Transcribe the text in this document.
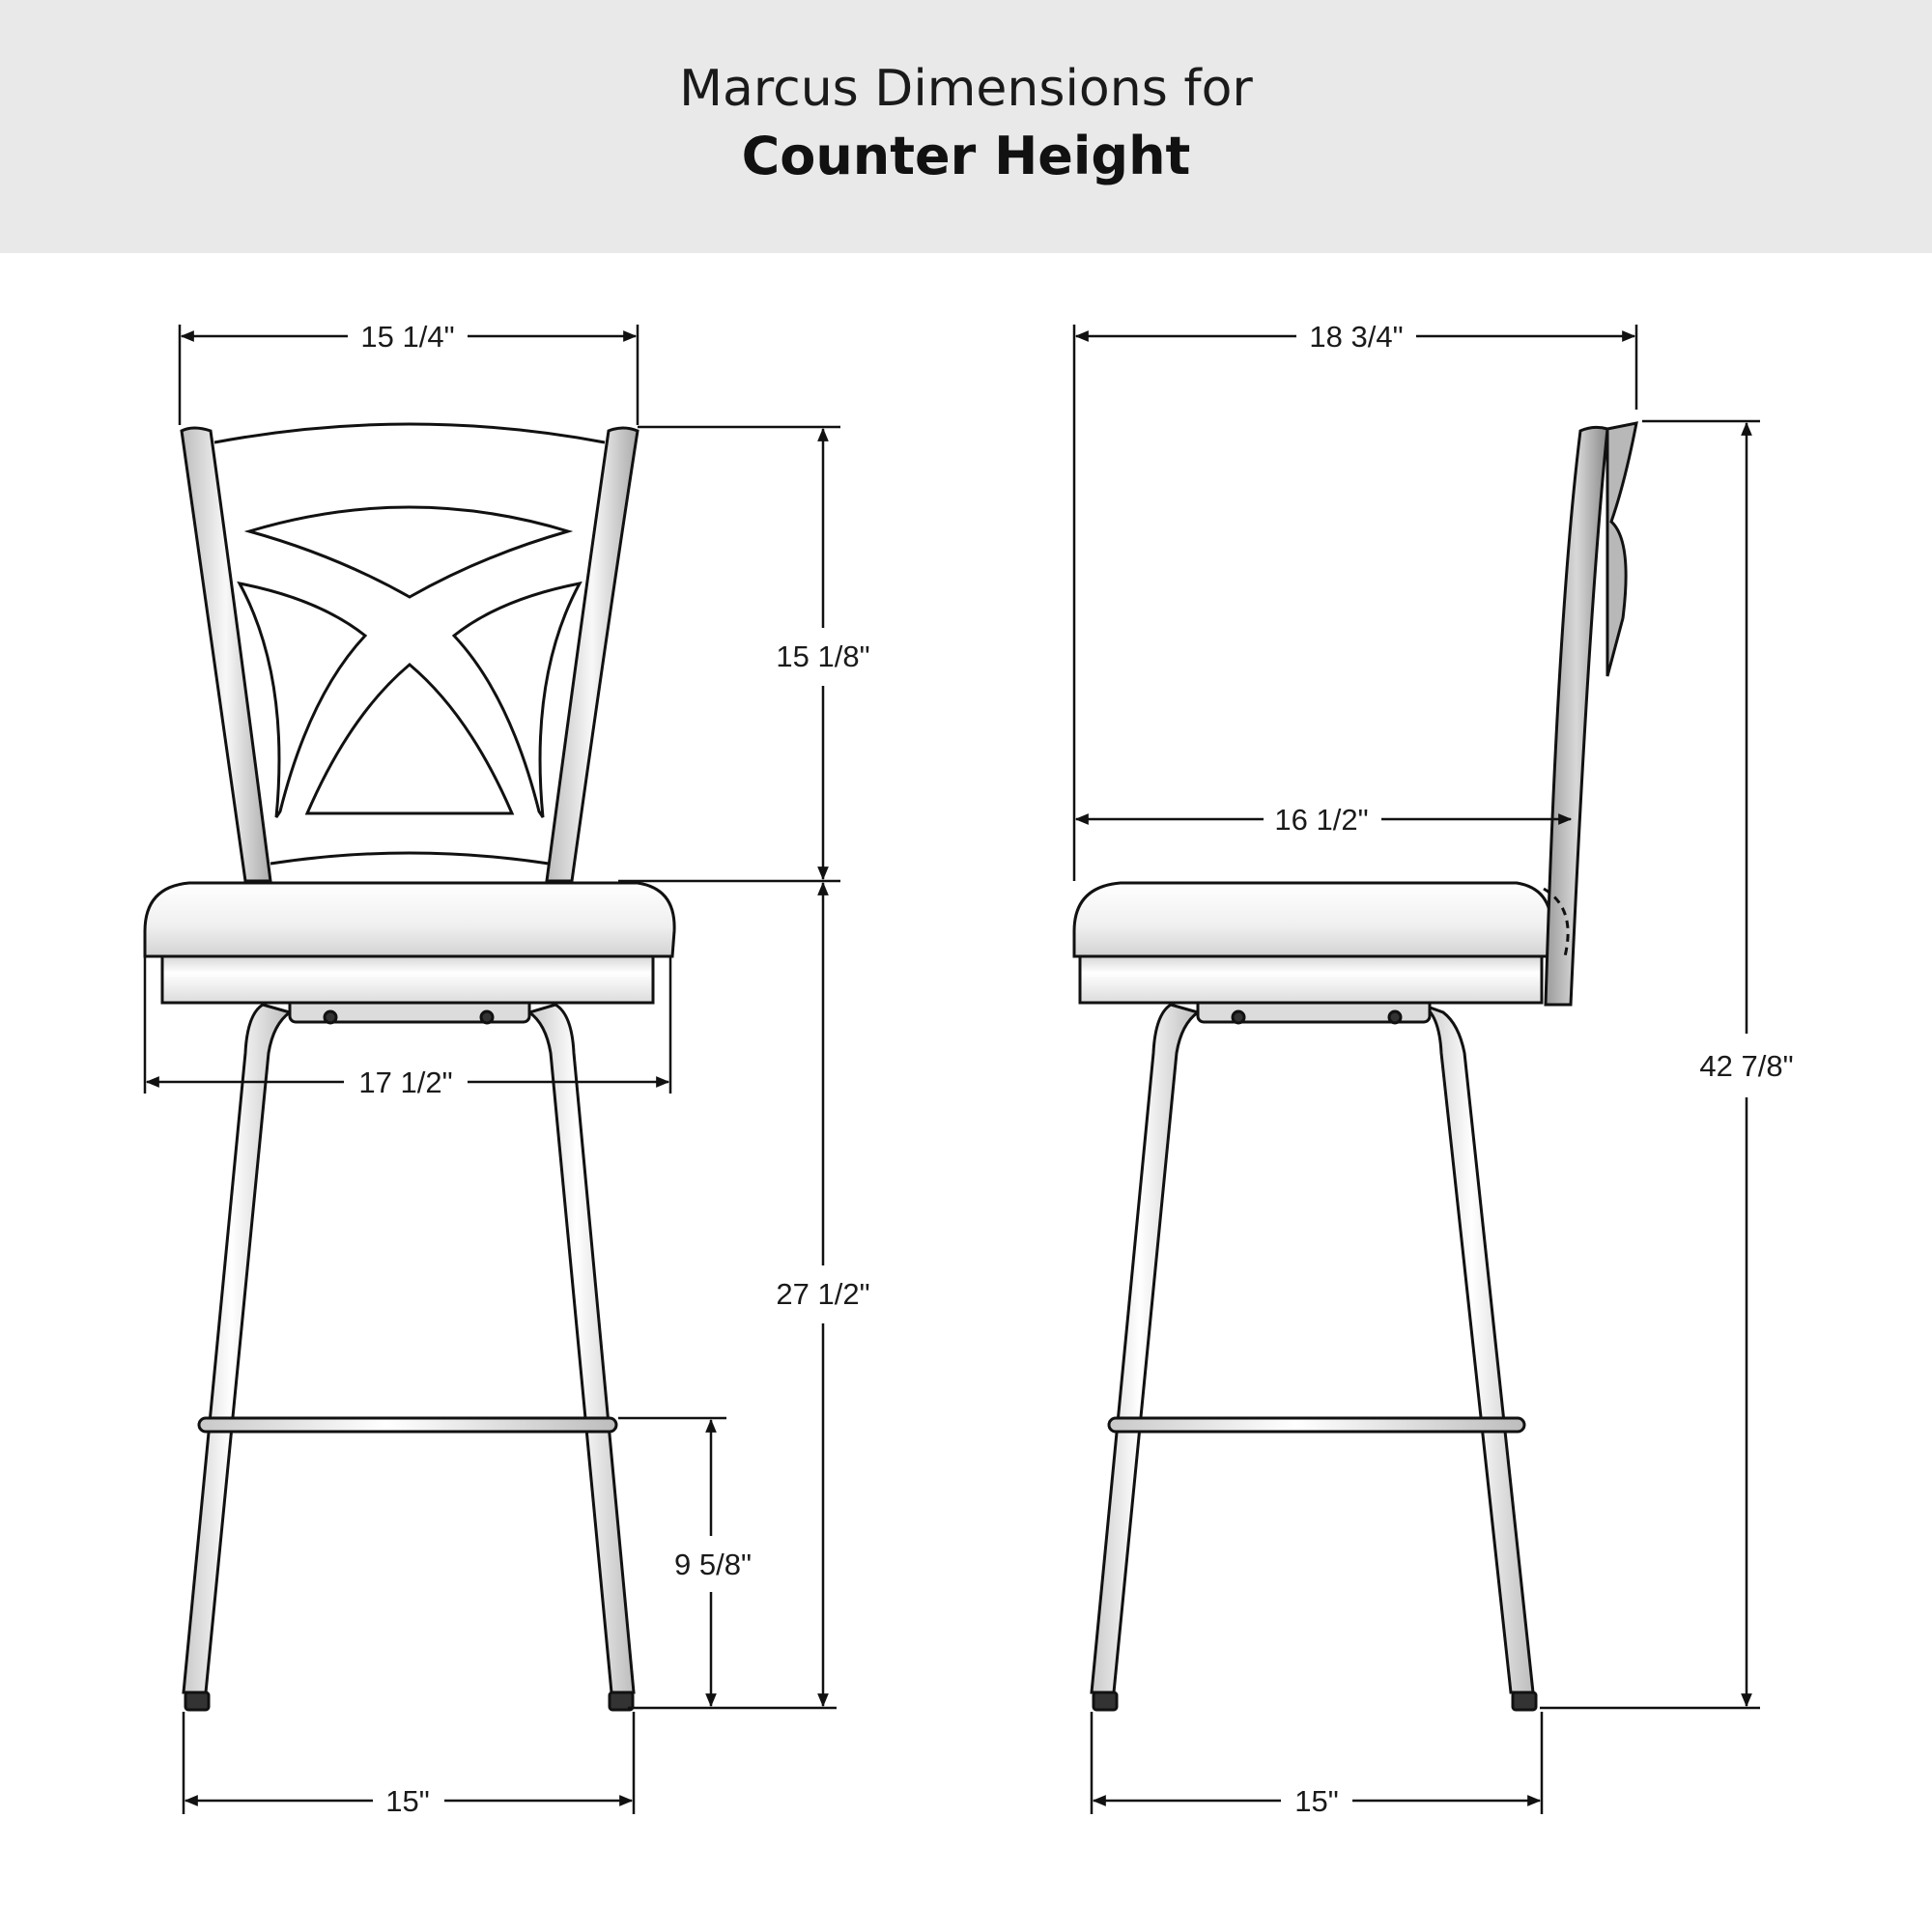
Marcus Dimensions for
Counter Height
15 1/4"
15 1/8"
27 1/2"
17 1/2"
9 5/8"
15"
18 3/4"
16 1/2"
42 7/8"
15"
